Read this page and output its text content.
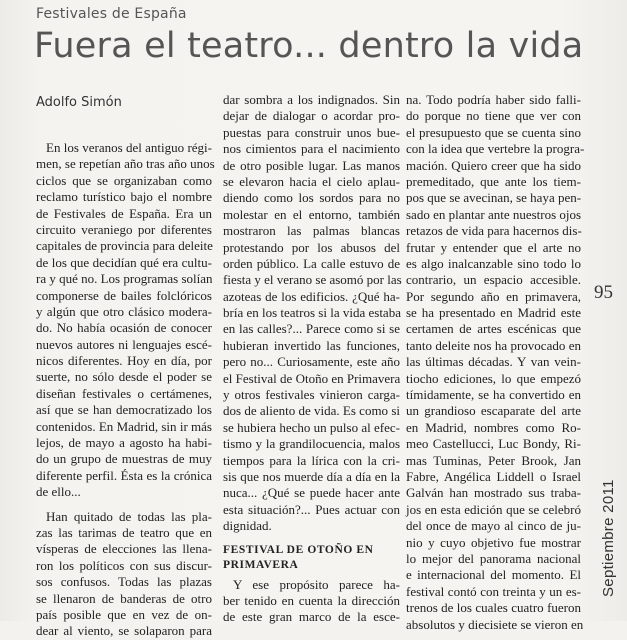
Festivales de España
Fuera el teatro... dentro la vida
Adolfo Simón
En los veranos del antiguo régi-
men, se repetían año tras año unos
ciclos que se organizaban como
reclamo turístico bajo el nombre
de Festivales de España. Era un
circuito veraniego por diferentes
capitales de provincia para deleite
de los que decidían qué era cultu-
ra y qué no. Los programas solían
componerse de bailes folclóricos
y algún que otro clásico modera-
do. No había ocasión de conocer
nuevos autores ni lenguajes escé-
nicos diferentes. Hoy en día, por
suerte, no sólo desde el poder se
diseñan festivales o certámenes,
así que se han democratizado los
contenidos. En Madrid, sin ir más
lejos, de mayo a agosto ha habi-
do un grupo de muestras de muy
diferente perfil. Ésta es la crónica
de ello...
Han quitado de todas las pla-
zas las tarimas de teatro que en
vísperas de elecciones las llena-
ron los políticos con sus discur-
sos confusos. Todas las plazas
se llenaron de banderas de otro
país posible que en vez de on-
dear al viento, se solaparon para
dar sombra a los indignados. Sin
dejar de dialogar o acordar pro-
puestas para construir unos bue-
nos cimientos para el nacimiento
de otro posible lugar. Las manos
se elevaron hacia el cielo aplau-
diendo como los sordos para no
molestar en el entorno, también
mostraron las palmas blancas
protestando por los abusos del
orden público. La calle estuvo de
fiesta y el verano se asomó por las
azoteas de los edificios. ¿Qué ha-
bría en los teatros si la vida estaba
en las calles?... Parece como si se
hubieran invertido las funciones,
pero no... Curiosamente, este año
el Festival de Otoño en Primavera
y otros festivales vinieron carga-
dos de aliento de vida. Es como si
se hubiera hecho un pulso al efec-
tismo y la grandilocuencia, malos
tiempos para la lírica con la cri-
sis que nos muerde día a día en la
nuca... ¿Qué se puede hacer ante
esta situación?... Pues actuar con
dignidad.
FESTIVAL DE OTOÑO EN
PRIMAVERA
Y ese propósito parece ha-
ber tenido en cuenta la dirección
de este gran marco de la esce-
na. Todo podría haber sido falli-
do porque no tiene que ver con
el presupuesto que se cuenta sino
con la idea que vertebre la progra-
mación. Quiero creer que ha sido
premeditado, que ante los tiem-
pos que se avecinan, se haya pen-
sado en plantar ante nuestros ojos
retazos de vida para hacernos dis-
frutar y entender que el arte no
es algo inalcanzable sino todo lo
contrario, un espacio accesible.
Por segundo año en primavera,
se ha presentado en Madrid este
certamen de artes escénicas que
tanto deleite nos ha provocado en
las últimas décadas. Y van vein-
tiocho ediciones, lo que empezó
tímidamente, se ha convertido en
un grandioso escaparate del arte
en Madrid, nombres como Ro-
meo Castellucci, Luc Bondy, Ri-
mas Tuminas, Peter Brook, Jan
Fabre, Angélica Liddell o Israel
Galván han mostrado sus traba-
jos en esta edición que se celebró
del once de mayo al cinco de ju-
nio y cuyo objetivo fue mostrar
lo mejor del panorama nacional
e internacional del momento. El
festival contó con treinta y un es-
trenos de los cuales cuatro fueron
absolutos y diecisiete se vieron en
95
Septiembre 2011
